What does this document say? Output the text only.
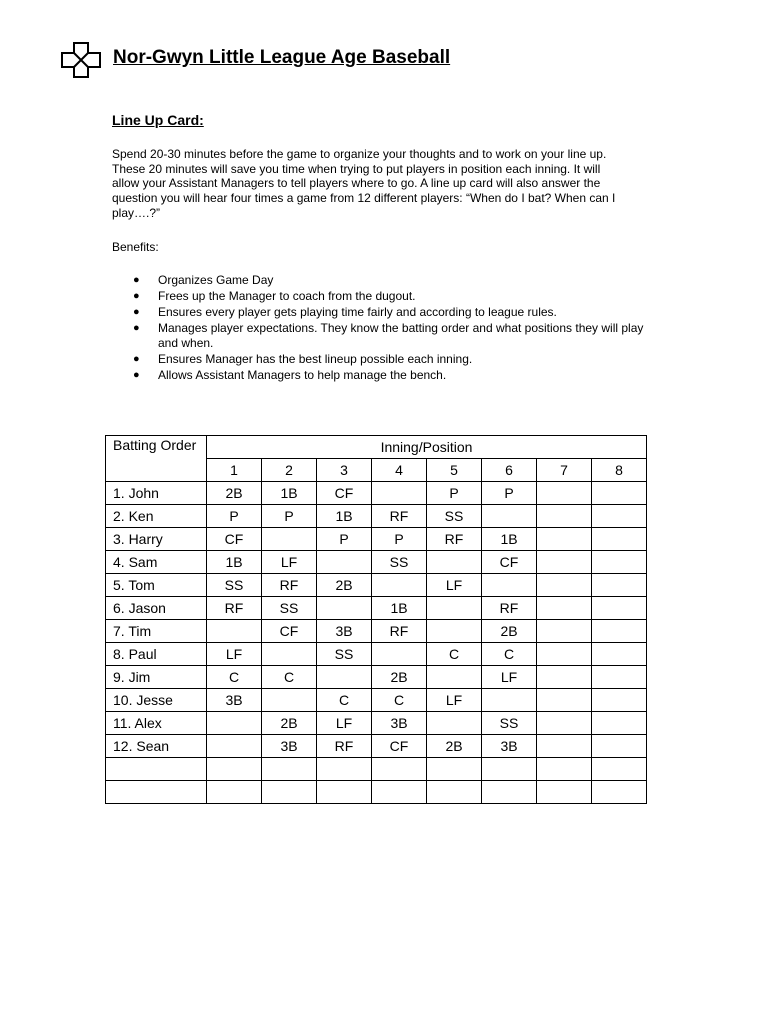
Nor-Gwyn Little League Age Baseball
Line Up Card:
Spend 20-30 minutes before the game to organize your thoughts and to work on your line up.
These 20 minutes will save you time when trying to put players in position each inning. It will
allow your Assistant Managers to tell players where to go. A line up card will also answer the
question you will hear four times a game from 12 different players: “When do I bat? When can I
play….?”

Benefits:

● Organizes Game Day
● Frees up the Manager to coach from the dugout.
● Ensures every player gets playing time fairly and according to league rules.
● Manages player expectations. They know the batting order and what positions they will play and when.
● Ensures Manager has the best lineup possible each inning.
● Allows Assistant Managers to help manage the bench.
Batting Order	Inning/Position							
	1	2	3	4	5	6	7	8
1. John	2B	1B	CF		P	P		
2. Ken	P	P	1B	RF	SS			
3. Harry	CF		P	P	RF	1B		
4. Sam	1B	LF		SS		CF		
5. Tom	SS	RF	2B		LF			
6. Jason	RF	SS		1B		RF		
7. Tim		CF	3B	RF		2B		
8. Paul	LF		SS		C	C		
9. Jim	C	C		2B		LF		
10. Jesse	3B		C	C	LF			
11. Alex		2B	LF	3B		SS		
12. Sean		3B	RF	CF	2B	3B		
